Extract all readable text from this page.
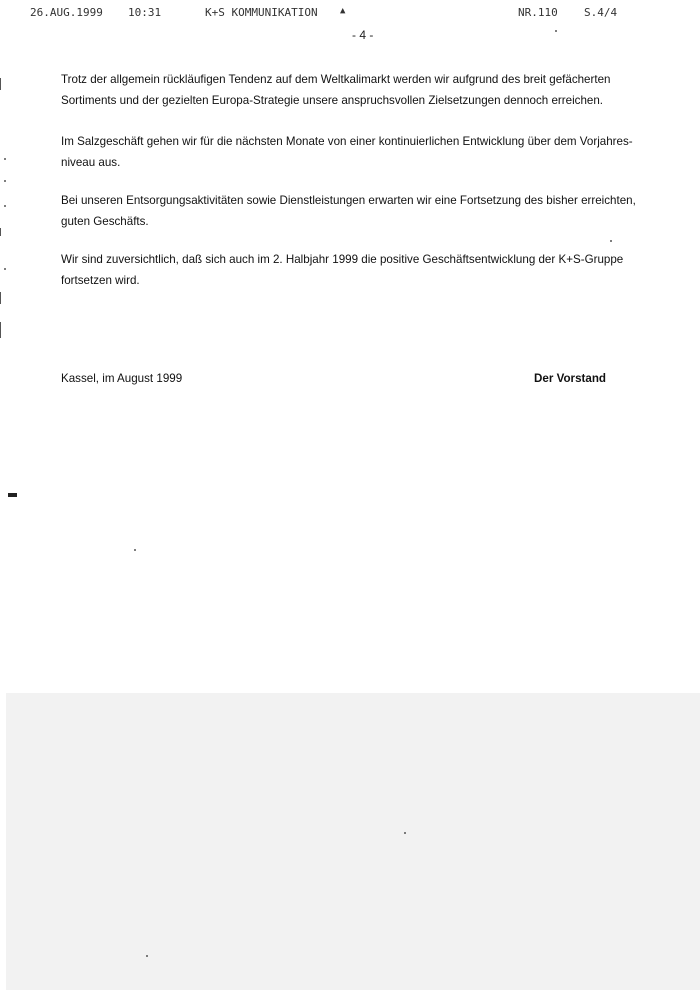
26.AUG.1999 10:31	K+S KOMMUNIKATION ▲	NR.110 S.4/4
- 4 -

Trotz der allgemein rückläufigen Tendenz auf dem Weltkalimarkt werden wir aufgrund des breit gefächerten Sortiments und der gezielten Europa-Strategie unsere anspruchsvollen Zielsetzungen dennoch erreichen.

Im Salzgeschäft gehen wir für die nächsten Monate von einer kontinuierlichen Entwicklung über dem Vorjahres-niveau aus.

Bei unseren Entsorgungsaktivitäten sowie Dienstleistungen erwarten wir eine Fortsetzung des bisher erreichten, guten Geschäfts.

Wir sind zuversichtlich, daß sich auch im 2. Halbjahr 1999 die positive Geschäftsentwicklung der K+S-Gruppe fortsetzen wird.

Kassel, im August 1999	Der Vorstand
